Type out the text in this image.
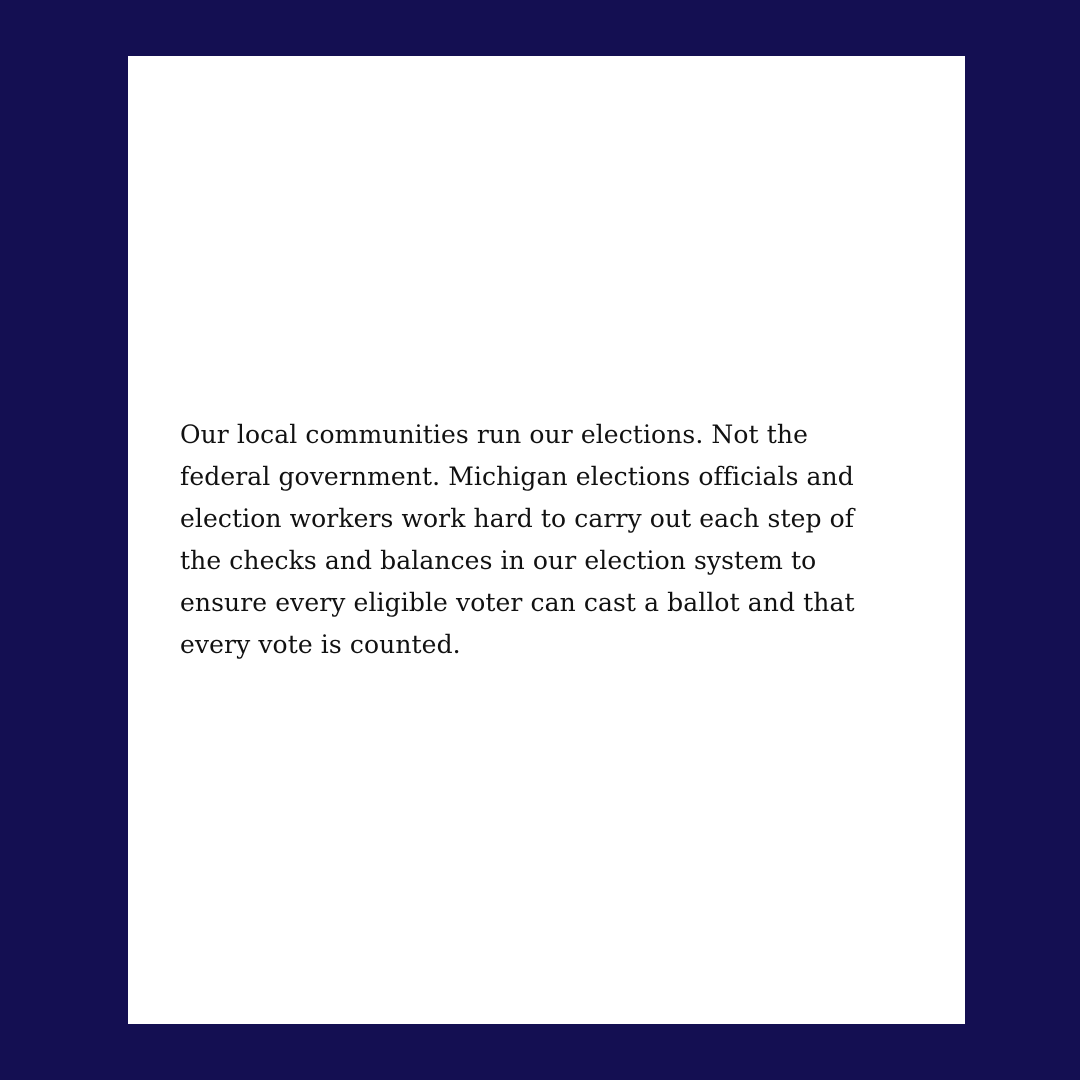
Our local communities run our elections. Not the federal government. Michigan elections officials and election workers work hard to carry out each step of the checks and balances in our election system to ensure every eligible voter can cast a ballot and that every vote is counted.
